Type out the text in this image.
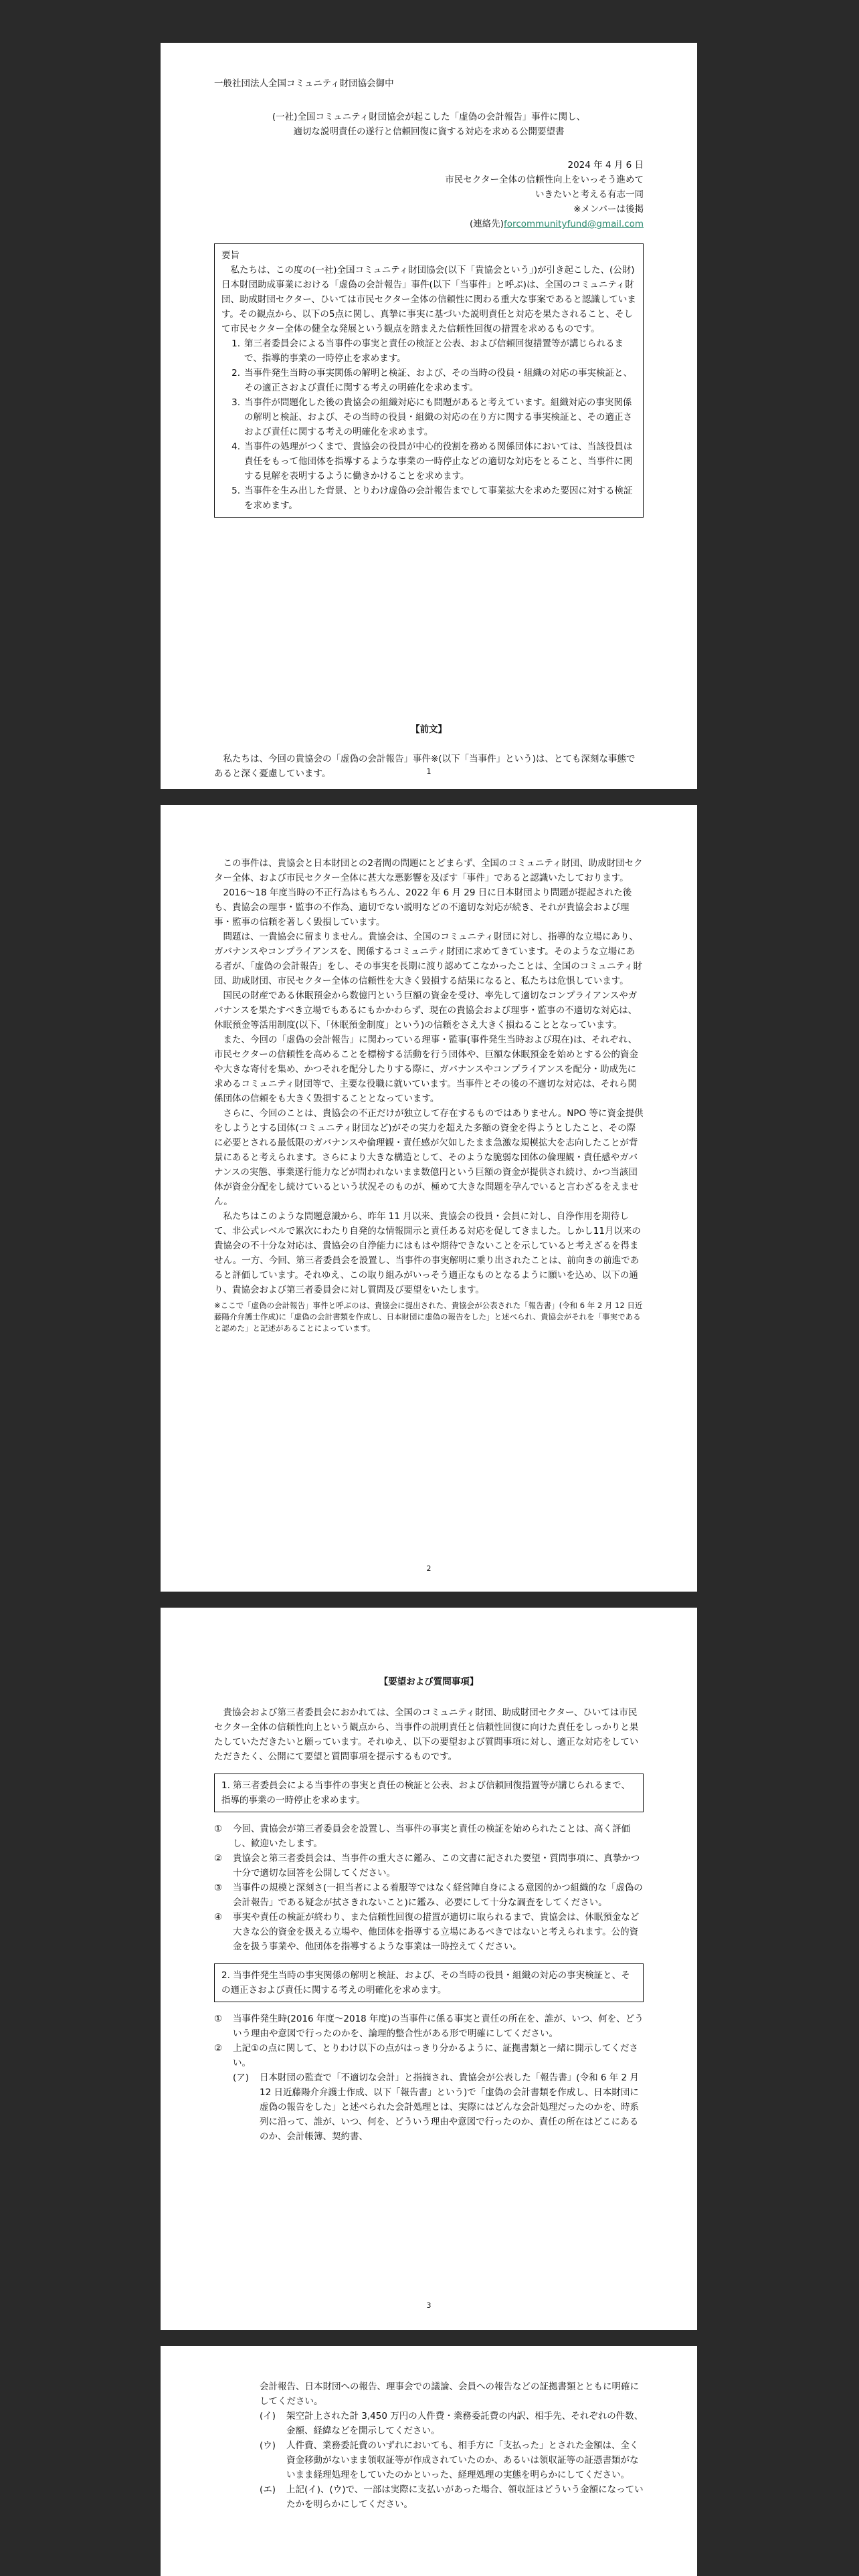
一般社団法人全国コミュニティ財団協会御中

(一社)全国コミュニティ財団協会が起こした「虚偽の会計報告」事件に関し、

適切な説明責任の遂行と信頼回復に資する対応を求める公開要望書

2024 年 4 月 6 日

市民セクター全体の信頼性向上をいっそう進めて

いきたいと考える有志一同

※メンバーは後掲

(連絡先)forcommunityfund@gmail.com

要旨

私たちは、この度の(一社)全国コミュニティ財団協会(以下「貴協会という」)が引き起こした、(公財)日本財団助成事業における「虚偽の会計報告」事件(以下「当事件」と呼ぶ)は、全国のコミュニティ財団、助成財団セクター、ひいては市民セクター全体の信頼性に関わる重大な事案であると認識しています。その観点から、以下の5点に関し、真摯に事実に基づいた説明責任と対応を果たされること、そして市民セクター全体の健全な発展という観点を踏まえた信頼性回復の措置を求めるものです。

1. 第三者委員会による当事件の事実と責任の検証と公表、および信頼回復措置等が講じられるまで、指導的事業の一時停止を求めます。
2. 当事件発生当時の事実関係の解明と検証、および、その当時の役員・組織の対応の事実検証と、その適正さおよび責任に関する考えの明確化を求めます。
3. 当事件が問題化した後の貴協会の組織対応にも問題があると考えています。組織対応の事実関係の解明と検証、および、その当時の役員・組織の対応の在り方に関する事実検証と、その適正さおよび責任に関する考えの明確化を求めます。
4. 当事件の処理がつくまで、貴協会の役員が中心的役割を務める関係団体においては、当該役員は責任をもって他団体を指導するような事業の一時停止などの適切な対応をとること、当事件に関する見解を表明するように働きかけることを求めます。
5. 当事件を生み出した背景、とりわけ虚偽の会計報告までして事業拡大を求めた要因に対する検証を求めます。

【前文】

私たちは、今回の貴協会の「虚偽の会計報告」事件※(以下「当事件」という)は、とても深刻な事態であると深く憂慮しています。	1

この事件は、貴協会と日本財団との2者間の問題にとどまらず、全国のコミュニティ財団、助成財団セクター全体、および市民セクター全体に甚大な悪影響を及ぼす「事件」であると認識いたしております。

2016～18 年度当時の不正行為はもちろん、2022 年 6 月 29 日に日本財団より問題が提起された後も、貴協会の理事・監事の不作為、適切でない説明などの不適切な対応が続き、それが貴協会および理事・監事の信頼を著しく毀損しています。

問題は、一貴協会に留まりません。貴協会は、全国のコミュニティ財団に対し、指導的な立場にあり、ガバナンスやコンプライアンスを、関係するコミュニティ財団に求めてきています。そのような立場にある者が、「虚偽の会計報告」をし、その事実を長期に渡り認めてこなかったことは、全国のコミュニティ財団、助成財団、市民セクター全体の信頼性を大きく毀損する結果になると、私たちは危惧しています。

国民の財産である休眠預金から数億円という巨額の資金を受け、率先して適切なコンプライアンスやガバナンスを果たすべき立場でもあるにもかかわらず、現在の貴協会および理事・監事の不適切な対応は、休眠預金等活用制度(以下、「休眠預金制度」という)の信頼をさえ大きく損ねることとなっています。

また、今回の「虚偽の会計報告」に関わっている理事・監事(事件発生当時および現在)は、それぞれ、市民セクターの信頼性を高めることを標榜する活動を行う団体や、巨額な休眠預金を始めとする公的資金や大きな寄付を集め、かつそれを配分したりする際に、ガバナンスやコンプライアンスを配分・助成先に求めるコミュニティ財団等で、主要な役職に就いています。当事件とその後の不適切な対応は、それら関係団体の信頼をも大きく毀損することとなっています。

さらに、今回のことは、貴協会の不正だけが独立して存在するものではありません。NPO 等に資金提供をしようとする団体(コミュニティ財団など)がその実力を超えた多額の資金を得ようとしたこと、その際に必要とされる最低限のガバナンスや倫理観・責任感が欠如したまま急激な規模拡大を志向したことが背景にあると考えられます。さらにより大きな構造として、そのような脆弱な団体の倫理観・責任感やガバナンスの実態、事業遂行能力などが問われないまま数億円という巨額の資金が提供され続け、かつ当該団体が資金分配をし続けているという状況そのものが、極めて大きな問題を孕んでいると言わざるをえません。

私たちはこのような問題意識から、昨年 11 月以来、貴協会の役員・会員に対し、自浄作用を期待して、非公式レベルで累次にわたり自発的な情報開示と責任ある対応を促してきました。しかし11月以来の貴協会の不十分な対応は、貴協会の自浄能力にはもはや期待できないことを示していると考えざるを得ません。一方、今回、第三者委員会を設置し、当事件の事実解明に乗り出されたことは、前向きの前進であると評価しています。それゆえ、この取り組みがいっそう適正なものとなるように願いを込め、以下の通り、貴協会および第三者委員会に対し質問及び要望をいたします。

※ここで「虚偽の会計報告」事件と呼ぶのは、貴協会に提出された、貴協会が公表された「報告書」(令和 6 年 2 月 12 日近藤陽介弁護士作成)に「虚偽の会計書類を作成し、日本財団に虚偽の報告をした」と述べられ、貴協会がそれを「事実であると認めた」と記述があることによっています。

2

【要望および質問事項】

貴協会および第三者委員会におかれては、全国のコミュニティ財団、助成財団セクター、ひいては市民セクター全体の信頼性向上という観点から、当事件の説明責任と信頼性回復に向けた責任をしっかりと果たしていただきたいと願っています。それゆえ、以下の要望および質問事項に対し、適正な対応をしていただきたく、公開にて要望と質問事項を提示するものです。

1. 第三者委員会による当事件の事実と責任の検証と公表、および信頼回復措置等が講じられるまで、指導的事業の一時停止を求めます。

①	今回、貴協会が第三者委員会を設置し、当事件の事実と責任の検証を始められたことは、高く評価し、歓迎いたします。
②	貴協会と第三者委員会は、当事件の重大さに鑑み、この文書に記された要望・質問事項に、真摯かつ十分で適切な回答を公開してください。
③	当事件の規模と深刻さ(一担当者による着服等ではなく経営陣自身による意図的かつ組織的な「虚偽の会計報告」である疑念が拭さきれないこと)に鑑み、必要にして十分な調査をしてください。
④	事実や責任の検証が終わり、また信頼性回復の措置が適切に取られるまで、貴協会は、休眠預金など大きな公的資金を扱える立場や、他団体を指導する立場にあるべきではないと考えられます。公的資金を扱う事業や、他団体を指導するような事業は一時控えてください。

2. 当事件発生当時の事実関係の解明と検証、および、その当時の役員・組織の対応の事実検証と、その適正さおよび責任に関する考えの明確化を求めます。

①	当事件発生時(2016 年度～2018 年度)の当事件に係る事実と責任の所在を、誰が、いつ、何を、どういう理由や意図で行ったのかを、論理的整合性がある形で明確にしてください。
②	上記①の点に関して、とりわけ以下の点がはっきり分かるように、証拠書類と一緒に開示してください。
(ア)	日本財団の監査で「不適切な会計」と指摘され、貴協会が公表した「報告書」(令和 6 年 2 月 12 日近藤陽介弁護士作成、以下「報告書」という)で「虚偽の会計書類を作成し、日本財団に虚偽の報告をした」と述べられた会計処理とは、実際にはどんな会計処理だったのかを、時系列に沿って、誰が、いつ、何を、どういう理由や意図で行ったのか、責任の所在はどこにあるのか、会計帳簿、契約書、

3

会計報告、日本財団への報告、理事会での議論、会員への報告などの証拠書類とともに明確にしてください。

(イ)	架空計上された計 3,450 万円の人件費・業務委託費の内訳、相手先、それぞれの件数、金額、経緯などを開示してください。
(ウ)	人件費、業務委託費のいずれにおいても、相手方に「支払った」とされた金額は、全く資金移動がないまま領収証等が作成されていたのか、あるいは領収証等の証憑書類がないまま経理処理をしていたのかといった、経理処理の実態を明らかにしてください。
(エ)	上記(イ)、(ウ)で、一部は実際に支払いがあった場合、領収証はどういう金額になっていたかを明らかにしてください。
